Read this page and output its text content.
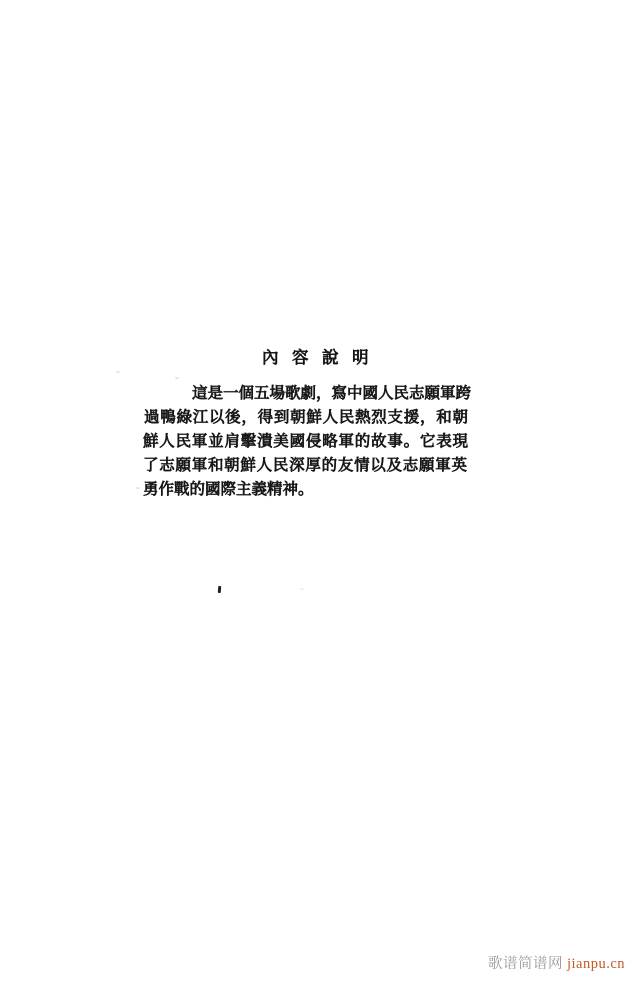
內容說明

這是一個五場歌劇，寫中國人民志願軍跨

過鴨綠江以後，得到朝鮮人民熱烈支援，和朝

鮮人民軍並肩擊潰美國侵略軍的故事。它表現

了志願軍和朝鮮人民深厚的友情以及志願軍英

勇作戰的國際主義精神。

歌谱简谱网 jianpu.cn
